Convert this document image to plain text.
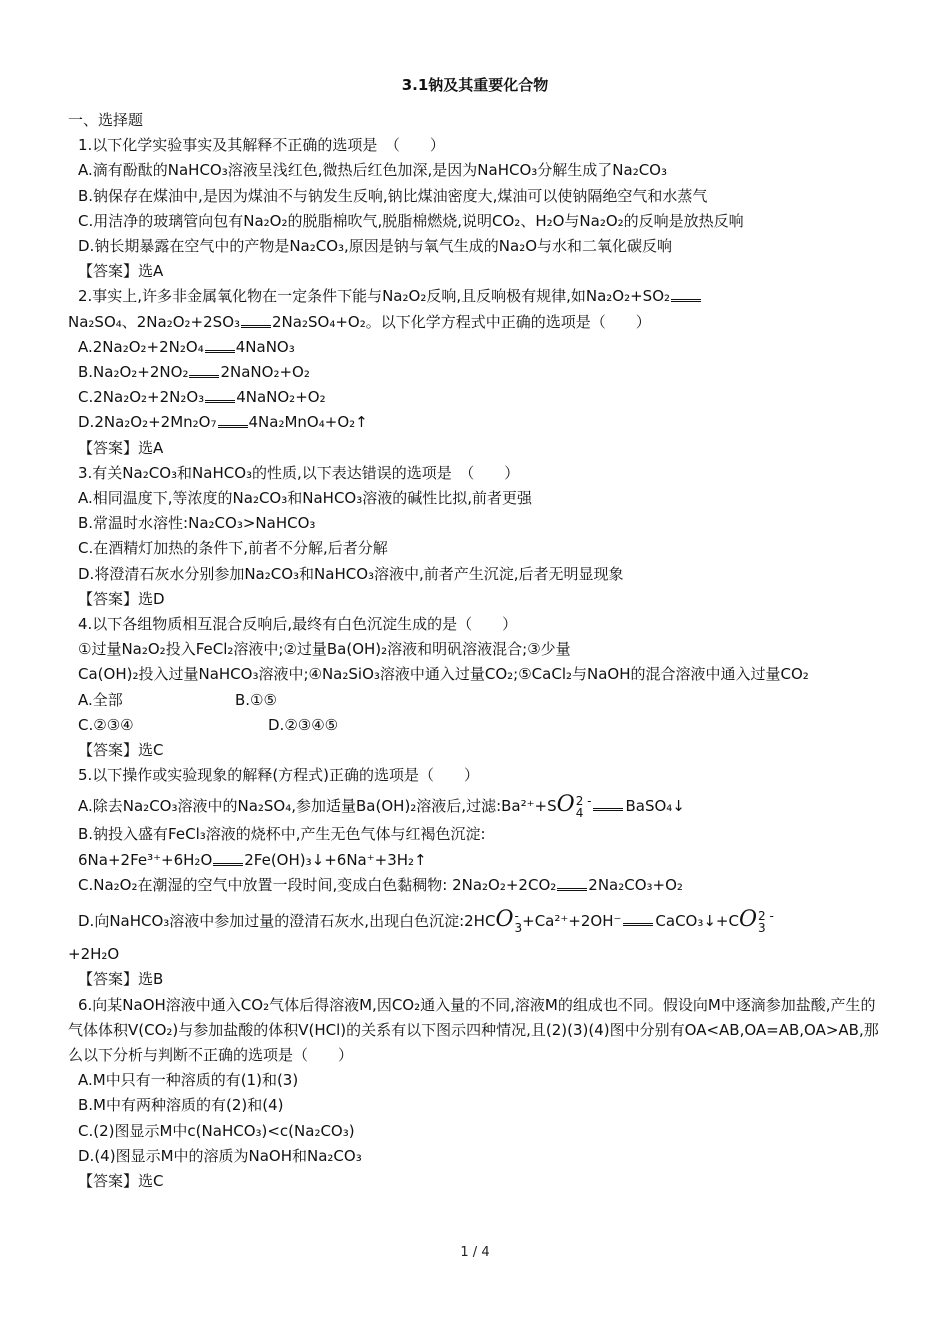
3.1钠及其重要化合物
一、选择题
1.以下化学实验事实及其解释不正确的选项是　（　　）
A.滴有酚酞的NaHCO₃溶液呈浅红色,微热后红色加深,是因为NaHCO₃分解生成了Na₂CO₃
B.钠保存在煤油中,是因为煤油不与钠发生反响,钠比煤油密度大,煤油可以使钠隔绝空气和水蒸气
C.用洁净的玻璃管向包有Na₂O₂的脱脂棉吹气,脱脂棉燃烧,说明CO₂、H₂O与Na₂O₂的反响是放热反响
D.钠长期暴露在空气中的产物是Na₂CO₃,原因是钠与氧气生成的Na₂O与水和二氧化碳反响
【答案】选A
2.事实上,许多非金属氧化物在一定条件下能与Na₂O₂反响,且反响极有规律,如Na₂O₂+SO₂
Na₂SO₄、2Na₂O₂+2SO₃ 2Na₂SO₄+O₂。以下化学方程式中正确的选项是（　　）
A.2Na₂O₂+2N₂O₄ 4NaNO₃
B.Na₂O₂+2NO₂ 2NaNO₂+O₂
C.2Na₂O₂+2N₂O₃ 4NaNO₂+O₂
D.2Na₂O₂+2Mn₂O₇ 4Na₂MnO₄+O₂↑
【答案】选A
3.有关Na₂CO₃和NaHCO₃的性质,以下表达错误的选项是　（　　）
A.相同温度下,等浓度的Na₂CO₃和NaHCO₃溶液的碱性比拟,前者更强
B.常温时水溶性:Na₂CO₃>NaHCO₃
C.在酒精灯加热的条件下,前者不分解,后者分解
D.将澄清石灰水分别参加Na₂CO₃和NaHCO₃溶液中,前者产生沉淀,后者无明显现象
【答案】选D
4.以下各组物质相互混合反响后,最终有白色沉淀生成的是（　　）
①过量Na₂O₂投入FeCl₂溶液中;②过量Ba(OH)₂溶液和明矾溶液混合;③少量
Ca(OH)₂投入过量NaHCO₃溶液中;④Na₂SiO₃溶液中通入过量CO₂;⑤CaCl₂与NaOH的混合溶液中通入过量CO₂
A.全部	B.①⑤
C.②③④	D.②③④⑤
【答案】选C
5.以下操作或实验现象的解释(方程式)正确的选项是（　　）
A.除去Na₂CO₃溶液中的Na₂SO₄,参加适量Ba(OH)₂溶液后,过滤:Ba²⁺+SO 2 -
4	BaSO₄↓
B.钠投入盛有FeCl₃溶液的烧杯中,产生无色气体与红褐色沉淀:
6Na+2Fe³⁺+6H₂O 2Fe(OH)₃↓+6Na⁺+3H₂↑
C.Na₂O₂在潮湿的空气中放置一段时间,变成白色黏稠物: 2Na₂O₂+2CO₂ 2Na₂CO₃+O₂
D.向NaHCO₃溶液中参加过量的澄清石灰水,出现白色沉淀:2HCO -
3 +Ca²⁺+2OH⁻ CaCO₃↓+CO 2 -
3
+2H₂O
【答案】选B
6.向某NaOH溶液中通入CO₂气体后得溶液M,因CO₂通入量的不同,溶液M的组成也不同。假设向M中逐滴参加盐酸,产生的气体体积V(CO₂)与参加盐酸的体积V(HCl)的关系有以下图示四种情况,且(2)(3)(4)图中分别有OA<AB,OA=AB,OA>AB,那么以下分析与判断不正确的选项是（　　）
A.M中只有一种溶质的有(1)和(3)
B.M中有两种溶质的有(2)和(4)
C.(2)图显示M中c(NaHCO₃)<c(Na₂CO₃)
D.(4)图显示M中的溶质为NaOH和Na₂CO₃
【答案】选C
1 / 4
